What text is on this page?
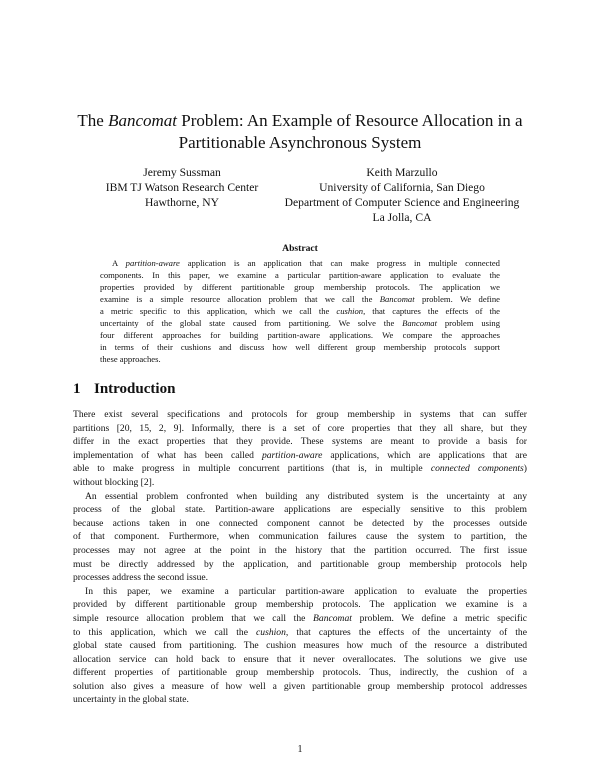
The Bancomat Problem: An Example of Resource Allocation in a
Partitionable Asynchronous System
Jeremy Sussman
IBM TJ Watson Research Center
Hawthorne, NY
Keith Marzullo
University of California, San Diego
Department of Computer Science and Engineering
La Jolla, CA
Abstract
A partition-aware application is an application that can make progress in multiple connected
components. In this paper, we examine a particular partition-aware application to evaluate the
properties provided by different partitionable group membership protocols. The application we
examine is a simple resource allocation problem that we call the Bancomat problem. We define
a metric specific to this application, which we call the cushion, that captures the effects of the
uncertainty of the global state caused from partitioning. We solve the Bancomat problem using
four different approaches for building partition-aware applications. We compare the approaches
in terms of their cushions and discuss how well different group membership protocols support
these approaches.
1 Introduction
There exist several specifications and protocols for group membership in systems that can suffer
partitions [20, 15, 2, 9]. Informally, there is a set of core properties that they all share, but they
differ in the exact properties that they provide. These systems are meant to provide a basis for
implementation of what has been called partition-aware applications, which are applications that are
able to make progress in multiple concurrent partitions (that is, in multiple connected components)
without blocking [2].
An essential problem confronted when building any distributed system is the uncertainty at any
process of the global state. Partition-aware applications are especially sensitive to this problem
because actions taken in one connected component cannot be detected by the processes outside
of that component. Furthermore, when communication failures cause the system to partition, the
processes may not agree at the point in the history that the partition occurred. The first issue
must be directly addressed by the application, and partitionable group membership protocols help
processes address the second issue.
In this paper, we examine a particular partition-aware application to evaluate the properties
provided by different partitionable group membership protocols. The application we examine is a
simple resource allocation problem that we call the Bancomat problem. We define a metric specific
to this application, which we call the cushion, that captures the effects of the uncertainty of the
global state caused from partitioning. The cushion measures how much of the resource a distributed
allocation service can hold back to ensure that it never overallocates. The solutions we give use
different properties of partitionable group membership protocols. Thus, indirectly, the cushion of a
solution also gives a measure of how well a given partitionable group membership protocol addresses
uncertainty in the global state.
1
